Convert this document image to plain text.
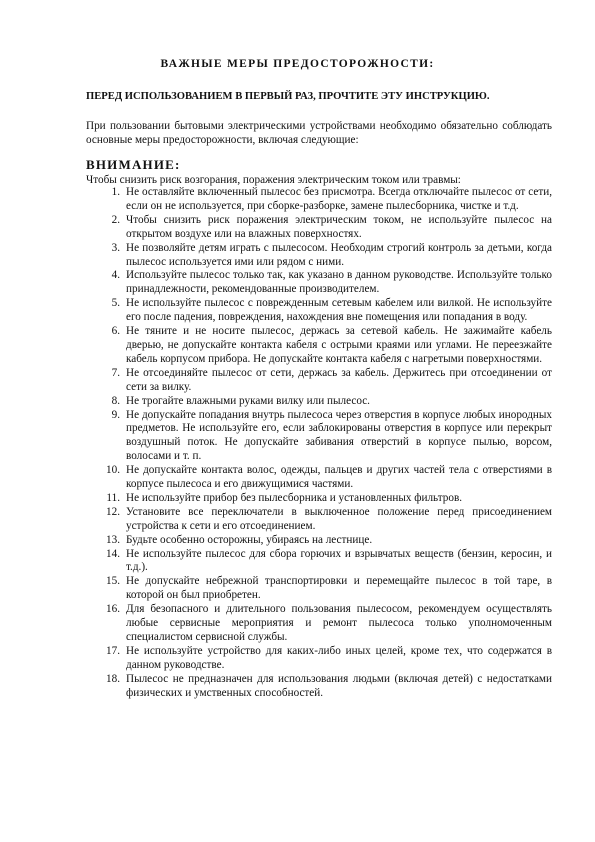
ВАЖНЫЕ МЕРЫ ПРЕДОСТОРОЖНОСТИ:
ПЕРЕД ИСПОЛЬЗОВАНИЕМ В ПЕРВЫЙ РАЗ, ПРОЧТИТЕ ЭТУ ИНСТРУКЦИЮ.
При пользовании бытовыми электрическими устройствами необходимо обязательно соблюдать основные меры предосторожности, включая следующие:
ВНИМАНИЕ:
Чтобы снизить риск возгорания, поражения электрическим током или травмы:
1. Не оставляйте включенный пылесос без присмотра. Всегда отключайте пылесос от сети, если он не используется, при сборке-разборке, замене пылесборника, чистке и т.д.
2. Чтобы снизить риск поражения электрическим током, не используйте пылесос на открытом воздухе или на влажных поверхностях.
3. Не позволяйте детям играть с пылесосом. Необходим строгий контроль за детьми, когда пылесос используется ими или рядом с ними.
4. Используйте пылесос только так, как указано в данном руководстве. Используйте только принадлежности, рекомендованные производителем.
5. Не используйте пылесос с поврежденным сетевым кабелем или вилкой. Не используйте его после падения, повреждения, нахождения вне помещения или попадания в воду.
6. Не тяните и не носите пылесос, держась за сетевой кабель. Не зажимайте кабель дверью, не допускайте контакта кабеля с острыми краями или углами. Не переезжайте кабель корпусом прибора. Не допускайте контакта кабеля с нагретыми поверхностями.
7. Не отсоединяйте пылесос от сети, держась за кабель. Держитесь при отсоединении от сети за вилку.
8. Не трогайте влажными руками вилку или пылесос.
9. Не допускайте попадания внутрь пылесоса через отверстия в корпусе любых инородных предметов. Не используйте его, если заблокированы отверстия в корпусе или перекрыт воздушный поток. Не допускайте забивания отверстий в корпусе пылью, ворсом, волосами и т. п.
10. Не допускайте контакта волос, одежды, пальцев и других частей тела с отверстиями в корпусе пылесоса и его движущимися частями.
11. Не используйте прибор без пылесборника и установленных фильтров.
12. Установите все переключатели в выключенное положение перед присоединением устройства к сети и его отсоединением.
13. Будьте особенно осторожны, убираясь на лестнице.
14. Не используйте пылесос для сбора горючих и взрывчатых веществ (бензин, керосин, и т.д.).
15. Не допускайте небрежной транспортировки и перемещайте пылесос в той таре, в которой он был приобретен.
16. Для безопасного и длительного пользования пылесосом, рекомендуем осуществлять любые сервисные мероприятия и ремонт пылесоса только уполномоченным специалистом сервисной службы.
17. Не используйте устройство для каких-либо иных целей, кроме тех, что содержатся в данном руководстве.
18. Пылесос не предназначен для использования людьми (включая детей) с недостатками физических и умственных способностей.
